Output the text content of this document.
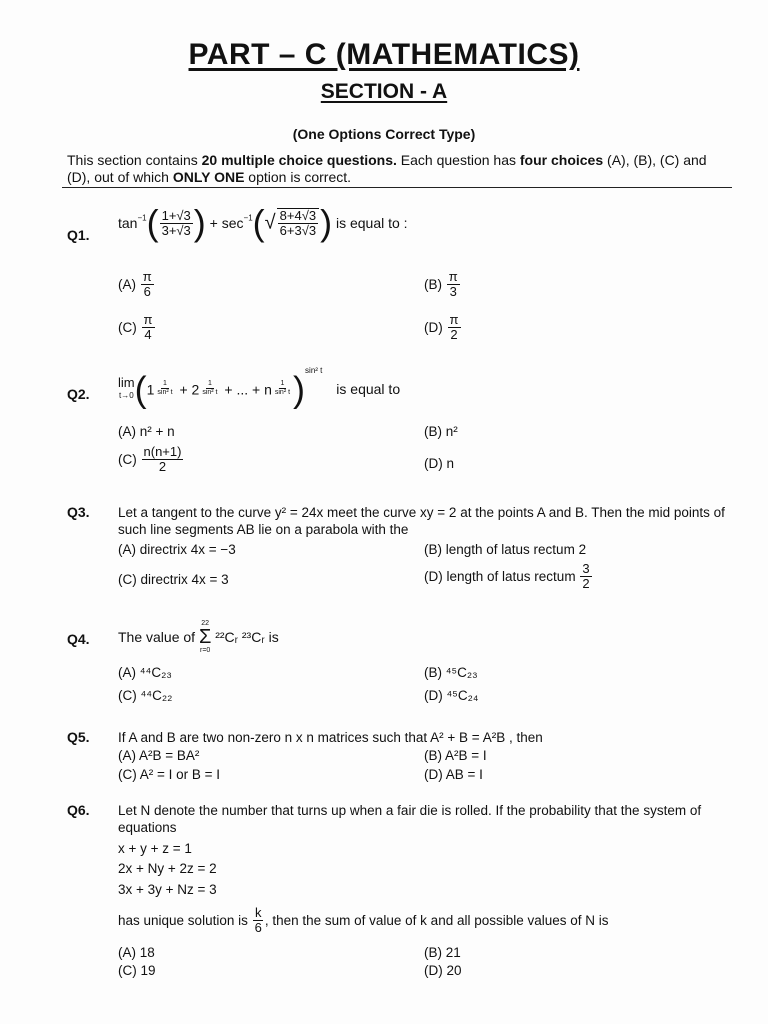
PART – C (MATHEMATICS)
SECTION - A
(One Options Correct Type)
This section contains 20 multiple choice questions. Each question has four choices (A), (B), (C) and (D), out of which ONLY ONE option is correct.
Q1.
$\tan^{-1}( \frac{1+√3}{3+√3}$ ) + $\sec^{-1}(√ \frac{8+4√3}{6+3√3}$ ) is equal to :
$(A) \frac{\pi}{6}$	$(B) \frac{\pi}{3}$
$(C) \frac{\pi}{4}$	$(D) \frac{\pi}{2}$
Q2.
lim
t→0 ($1 \frac{1}{\text{sin² t}} + 2 \frac{1}{\text{sin² t}}$ + ... + n $\frac{1}{\text{sin² t}} )^{sin^2 t}$ is equal to
(A) n² + n	(B) n²
$(C) \frac{n(n+1)}{2}$	(D) n
Q3. Let a tangent to the curve y² = 24x meet the curve xy = 2 at the points A and B. Then the mid points of such line segments AB lie on a parabola with the
(A) directrix 4x = −3	(B) length of latus rectum 2
(C) directrix 4x = 3	(D) length of latus rectum $\frac{3}{2}$
Q4. The value of
22
Σ
r=0
²²Cᵣ ²³Cᵣ is
(A) ⁴⁴C₂₃	(B) ⁴⁵C₂₃
(C) ⁴⁴C₂₂	(D) ⁴⁵C₂₄
Q5. If A and B are two non-zero n x n matrices such that A² + B = A²B , then
(A) A²B = BA²	(B) A²B = I
(C) A² = I or B = I	(D) AB = I
Q6. Let N denote the number that turns up when a fair die is rolled. If the probability that the system of equations
x + y + z = 1
2x + Ny + 2z = 2
3x + 3y + Nz = 3
has unique solution is $\frac{k}{6}$ , then the sum of value of k and all possible values of N is
(A) 18	(B) 21
(C) 19	(D) 20
